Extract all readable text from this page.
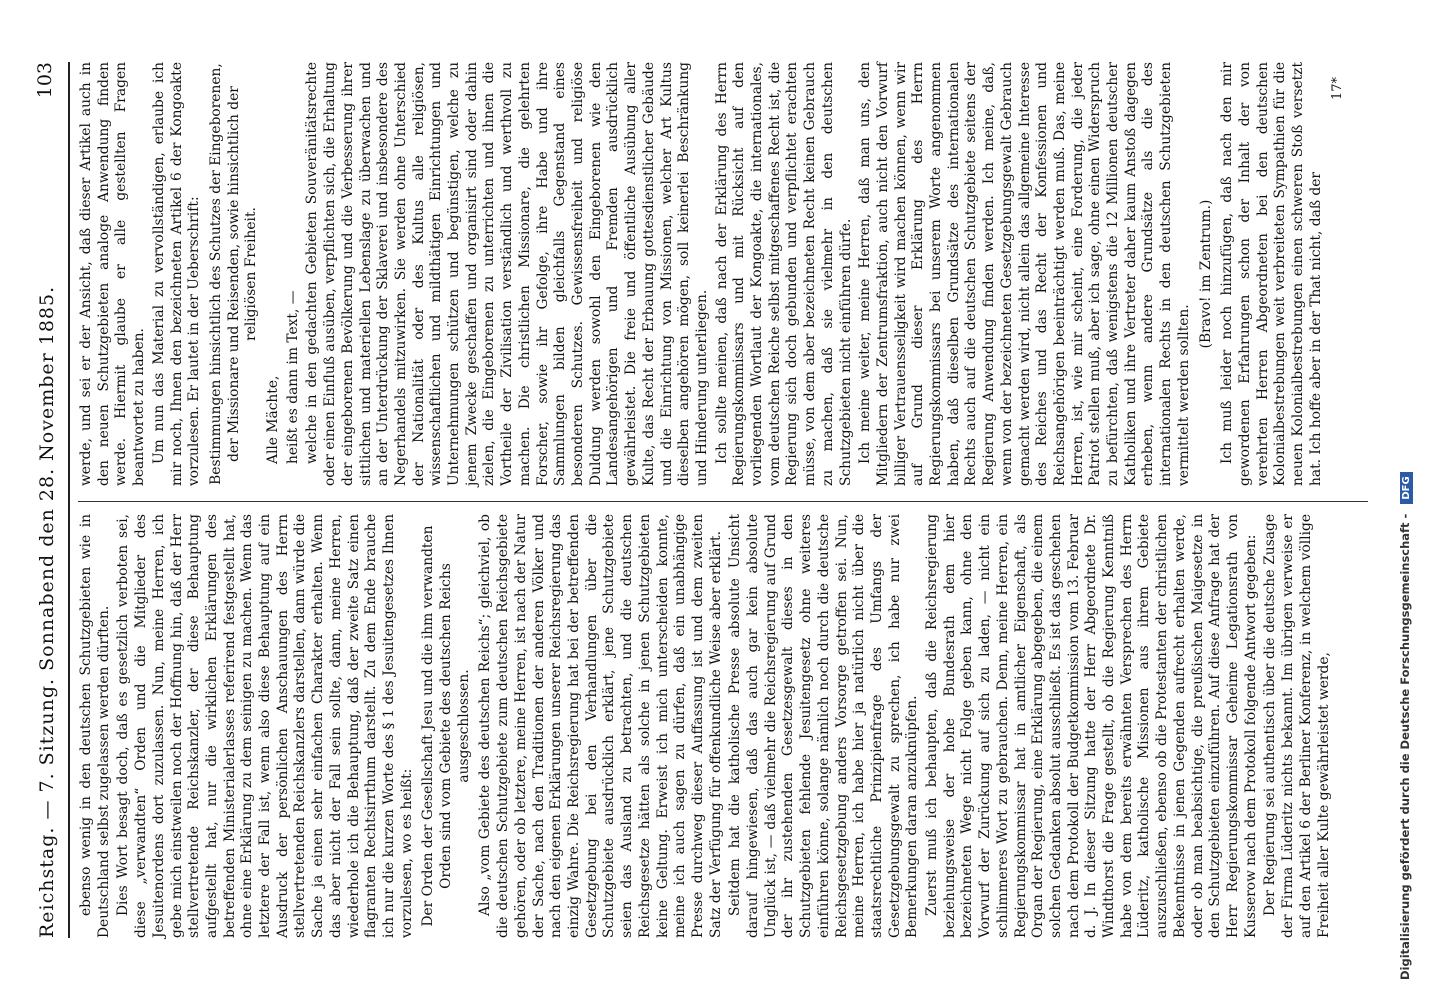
Reichstag. — 7. Sitzung. Sonnabend den 28. November 1885.
103

ebenso wenig in den deutschen Schutzgebieten wie in Deutschland selbst zugelassen werden dürften. Dies Wort besagt doch, daß es gesetzlich verboten sei, diese „verwandten“ Orden und die Mitglieder des Jesuitenordens dort zuzulassen. Nun, meine Herren, ich gebe mich einstweilen noch der Hoffnung hin, daß der Herr stellvertretende Reichskanzler, der diese Behauptung aufgestellt hat, nur die wirklichen Erklärungen des betreffenden Ministerialerlasses referirend festgestellt hat, ohne eine Erklärung zu dem seinigen zu machen. Wenn das letztere der Fall ist, wenn also diese Behauptung auf ein Ausdruck der persönlichen Anschauungen des Herrn stellvertretenden Reichskanzlers darstellen, dann würde die Sache ja einen sehr einfachen Charakter erhalten. Wenn das aber nicht der Fall sein sollte, dann, meine Herren, wiederhole ich die Behauptung, daß der zweite Satz einen flagranten Rechtsirrthum darstellt. Zu dem Ende brauche ich nur die kurzen Worte des § 1 des Jesuitengesetzes Ihnen vorzulesen, wo es heißt: Der Orden der Gesellschaft Jesu und die ihm verwandten Orden sind vom Gebiete des deutschen Reichs ausgeschlossen. Also „vom Gebiete des deutschen Reichs“; gleichviel, ob die deutschen Schutzgebiete zum deutschen Reichsgebiete gehören, oder ob letztere, meine Herren, ist nach der Natur der Sache, nach den Traditionen der anderen Völker und nach den eigenen Erklärungen unserer Reichsregierung das einzig Wahre. Die Reichsregierung hat bei der betreffenden Gesetzgebung bei den Verhandlungen über die Schutzgebiete ausdrücklich erklärt, jene Schutzgebiete seien das Ausland zu betrachten, und die deutschen Reichsgesetze hätten als solche in jenen Schutzgebieten keine Geltung. Erweist ich mich unterscheiden konnte, meine ich auch sagen zu dürfen, daß ein unabhängige Presse durchweg dieser Auffassung ist und dem zweiten Satz der Verfügung für offenkundliche Weise aber erklärt. Seitdem hat die katholische Presse absolute Unsicht darauf hingewiesen, daß das auch gar kein absolute Unglück ist, — daß vielmehr die Reichsregierung auf Grund der ihr zustehenden Gesetzesgewalt dieses in den Schutzgebieten fehlende Jesuitengesetz ohne weiteres einführen könne, solange nämlich noch durch die deutsche Reichsgesetzgebung anders Vorsorge getroffen sei. Nun, meine Herren, ich habe hier ja natürlich nicht über die staatsrechtliche Prinzipienfrage des Umfangs der Gesetzgebungsgewalt zu sprechen, ich habe nur zwei Bemerkungen daran anzuknüpfen. Zuerst muß ich behaupten, daß die Reichsregierung beziehungsweise der hohe Bundesrath dem hier bezeichneten Wege nicht Folge geben kann, ohne den Vorwurf der Zurückung auf sich zu laden, — nicht ein schlimmeres Wort zu gebrauchen. Denn, meine Herren, ein Regierungskommissar hat in amtlicher Eigenschaft, als Organ der Regierung, eine Erklärung abgegeben, die einem solchen Gedanken absolut ausschließt. Es ist das geschehen nach dem Protokoll der Budgetkommission vom 13. Februar d. J. In dieser Sitzung hatte der Herr Abgeordnete Dr. Windthorst die Frage gestellt, ob die Regierung Kenntniß habe von dem bereits erwähnten Versprechen des Herrn Lüderitz, katholische Missionen aus ihrem Gebiete auszuschließen, ebenso ob die Protestanten der christlichen Bekenntnisse in jenen Gegenden aufrecht erhalten werde, oder ob man beabsichtige, die preußischen Maigesetze in den Schutzgebieten einzuführen. Auf diese Anfrage hat der Herr Regierungskommissar Geheime Legationsrath von Kusserow nach dem Protokoll folgende Antwort gegeben: Der Regierung sei authentisch über die deutsche Zusage der Firma Lüderitz nichts bekannt. Im übrigen verweise er auf den Artikel 6 der Berliner Konferenz, in welchem völlige Freiheit aller Kulte gewährleistet werde,

werde, und sei er der Ansicht, daß dieser Artikel auch in den neuen Schutzgebieten analoge Anwendung finden werde. Hiermit glaube er alle gestellten Fragen beantwortet zu haben. Um nun das Material zu vervollständigen, erlaube ich mir noch, Ihnen den bezeichneten Artikel 6 der Kongoakte vorzulesen. Er lautet in der Ueberschrift: Bestimmungen hinsichtlich des Schutzes der Eingeborenen, der Missionare und Reisenden, sowie hinsichtlich der religiösen Freiheit.

Alle Mächte, heißt es dann im Text, — welche in den gedachten Gebieten Souveränitätsrechte oder einen Einfluß ausüben, verpflichten sich, die Erhaltung der eingeborenen Bevölkerung und die Verbesserung ihrer sittlichen und materiellen Lebenslage zu überwachen und an der Unterdrückung der Sklaverei und insbesondere des Negerhandels mitzuwirken. Sie werden ohne Unterschied der Nationalität oder des Kultus alle religiösen, wissenschaftlichen und mildthätigen Einrichtungen und Unternehmungen schützen und begünstigen, welche zu jenem Zwecke geschaffen und organisirt sind oder dahin zielen, die Eingeborenen zu unterrichten und ihnen die Vortheile der Zivilisation verständlich und werthvoll zu machen. Die christlichen Missionare, die gelehrten Forscher, sowie ihr Gefolge, ihre Habe und ihre Sammlungen bilden gleichfalls Gegenstand eines besonderen Schutzes. Gewissensfreiheit und religiöse Duldung werden sowohl den Eingeborenen wie den Landesangehörigen und Fremden ausdrücklich gewährleistet. Die freie und öffentliche Ausübung aller Kulte, das Recht der Erbauung gottesdienstlicher Gebäude und die Einrichtung von Missionen, welcher Art Kultus dieselben angehören mögen, soll keinerlei Beschränkung und Hinderung unterliegen. Ich sollte meinen, daß nach der Erklärung des Herrn Regierungskommissars und mit Rücksicht auf den vorliegenden Wortlaut der Kongoakte, die internationales, vom deutschen Reiche selbst mitgeschaffenes Recht ist, die Regierung sich doch gebunden und verpflichtet erachten müsse, von dem aber bezeichneten Recht keinen Gebrauch zu machen, daß sie vielmehr in den deutschen Schutzgebieten nicht einführen dürfe. Ich meine weiter, meine Herren, daß man uns, den Mitgliedern der Zentrumsfraktion, auch nicht den Vorwurf billiger Vertrauensseligkeit wird machen können, wenn wir auf Grund dieser Erklärung des Herrn Regierungskommissars bei unserem Worte angenommen haben, daß dieselben Grundsätze des internationalen Rechts auch auf die deutschen Schutzgebiete seitens der Regierung Anwendung finden werden. Ich meine, daß, wenn von der bezeichneten Gesetzgebungsgewalt Gebrauch gemacht werden wird, nicht allein das allgemeine Interesse des Reiches und das Recht der Konfessionen und Reichsangehörigen beeinträchtigt werden muß. Das, meine Herren, ist, wie mir scheint, eine Forderung, die jeder Patriot stellen muß, aber ich sage, ohne einen Widerspruch zu befürchten, daß wenigstens die 12 Millionen deutscher Katholiken und ihre Vertreter daher kaum Anstoß dagegen erheben, wenn andere Grundsätze als die des internationalen Rechts in den deutschen Schutzgebieten vermittelt werden sollten.

(Bravo! im Zentrum.) Ich muß leider noch hinzufügen, daß nach den mir gewordenen Erfahrungen schon der Inhalt der von verehrten Herren Abgeordneten bei den deutschen Kolonialbestrebungen weit verbreiteten Sympathien für die neuen Kolonialbestrebungen einen schweren Stoß versetzt hat. Ich hoffe aber in der That nicht, daß der

17*
Digitalisierung gefördert durch die Deutsche Forschungsgemeinschaft - DFG
